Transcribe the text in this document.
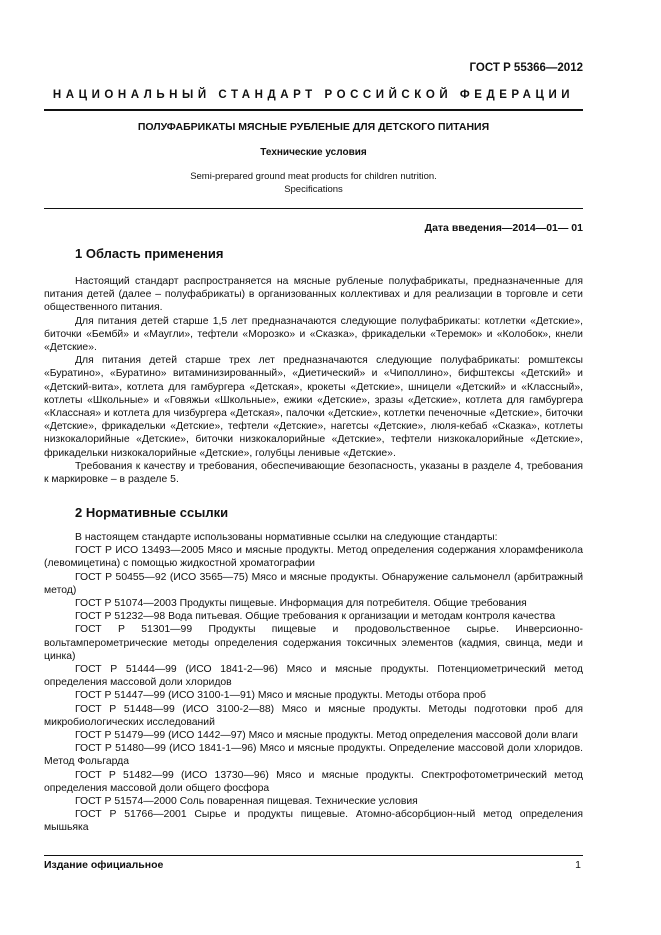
ГОСТ Р 55366—2012
НАЦИОНАЛЬНЫЙ СТАНДАРТ РОССИЙСКОЙ ФЕДЕРАЦИИ
ПОЛУФАБРИКАТЫ МЯСНЫЕ РУБЛЕНЫЕ ДЛЯ ДЕТСКОГО ПИТАНИЯ
Технические условия
Semi-prepared ground meat products for children nutrition.
Specifications
Дата введения—2014—01— 01
1 Область применения

Настоящий стандарт распространяется на мясные рубленые полуфабрикаты, предназначенные для питания детей (далее – полуфабрикаты) в организованных коллективах и для реализации в торговле и сети общественного питания.

Для питания детей старше 1,5 лет предназначаются следующие полуфабрикаты: котлетки «Детские», биточки «Бембй» и «Маугли», тефтели «Морозко» и «Сказка», фрикадельки «Теремок» и «Колобок», кнели «Детские».

Для питания детей старше трех лет предназначаются следующие полуфабрикаты: ромштексы «Буратино», «Буратино» витаминизированный», «Диетический» и «Чиполлино», бифштексы «Детский» и «Детский-вита», котлета для гамбургера «Детская», крокеты «Детские», шницели «Детский» и «Классный», котлеты «Школьные» и «Говяжьи «Школьные», ежики «Детские», зразы «Детские», котлета для гамбургера «Классная» и котлета для чизбургера «Детская», палочки «Детские», котлетки печеночные «Детские», биточки «Детские», фрикадельки «Детские», тефтели «Детские», нагетсы «Детские», люля-кебаб «Сказка», котлеты низкокалорийные «Детские», биточки низкокалорийные «Детские», тефтели низкокалорийные «Детские», фрикадельки низкокалорийные «Детские», голубцы ленивые «Детские».

Требования к качеству и требования, обеспечивающие безопасность, указаны в разделе 4, требования к маркировке – в разделе 5.

2 Нормативные ссылки

В настоящем стандарте использованы нормативные ссылки на следующие стандарты:

ГОСТ Р ИСО 13493—2005 Мясо и мясные продукты. Метод определения содержания хлорамфеникола (левомицетина) с помощью жидкостной хроматографии

ГОСТ Р 50455—92 (ИСО 3565—75) Мясо и мясные продукты. Обнаружение сальмонелл (арбитражный метод)

ГОСТ Р 51074—2003 Продукты пищевые. Информация для потребителя. Общие требования

ГОСТ Р 51232—98 Вода питьевая. Общие требования к организации и методам контроля качества

ГОСТ Р 51301—99 Продукты пищевые и продовольственное сырье. Инверсионно-вольтамперометрические методы определения содержания токсичных элементов (кадмия, свинца, меди и цинка)

ГОСТ Р 51444—99 (ИСО 1841-2—96) Мясо и мясные продукты. Потенциометрический метод определения массовой доли хлоридов

ГОСТ Р 51447—99 (ИСО 3100-1—91) Мясо и мясные продукты. Методы отбора проб

ГОСТ Р 51448—99 (ИСО 3100-2—88) Мясо и мясные продукты. Методы подготовки проб для микробиологических исследований

ГОСТ Р 51479—99 (ИСО 1442—97) Мясо и мясные продукты. Метод определения массовой доли влаги

ГОСТ Р 51480—99 (ИСО 1841-1—96) Мясо и мясные продукты. Определение массовой доли хлоридов. Метод Фольгарда

ГОСТ Р 51482—99 (ИСО 13730—96) Мясо и мясные продукты. Спектрофотометрический метод определения массовой доли общего фосфора

ГОСТ Р 51574—2000 Соль поваренная пищевая. Технические условия

ГОСТ Р 51766—2001 Сырье и продукты пищевые. Атомно-абсорбцион-ный метод определения мышьяка

Издание официальное	1
